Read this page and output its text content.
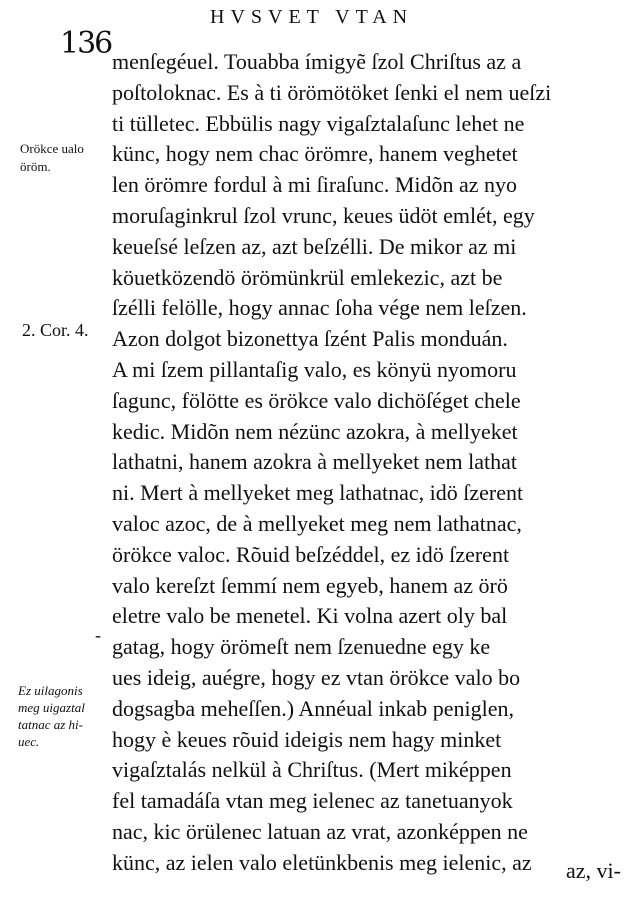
136
HVSVET VTAN
Orökce ualo
öröm.
2. Cor. 4.
-
Ez uilagonis
meg uigaztal
tatnac az hi-
uec.
menſegéuel. Touabba ímigyẽ ſzol Chriſtus az a
poſtoloknac. Es à ti örömötöket ſenki el nem ueſzi
ti tülletec. Ebbülis nagy vigaſztalaſunc lehet ne
künc, hogy nem chac örömre, hanem veghetet
len örömre fordul à mi ſiraſunc. Midõn az nyo
moruſaginkrul ſzol vrunc, keues üdöt emlét, egy
keueſsé leſzen az, azt beſzélli. De mikor az mi
köuetközendö örömünkrül emlekezic, azt be
ſzélli felölle, hogy annac ſoha vége nem leſzen.
Azon dolgot bizonettya ſzént Palis monduán.
A mi ſzem pillantaſig valo, es könyü nyomoru
ſagunc, fölötte es örökce valo dichöſéget chele
kedic. Midõn nem nézünc azokra, à mellyeket
lathatni, hanem azokra à mellyeket nem lathat
ni. Mert à mellyeket meg lathatnac, idö ſzerent
valoc azoc, de à mellyeket meg nem lathatnac,
örökce valoc. Rõuid beſzéddel, ez idö ſzerent
valo kereſzt ſemmí nem egyeb, hanem az örö
eletre valo be menetel. Ki volna azert oly bal
gatag, hogy örömeſt nem ſzenuedne egy ke
ues ideig, auégre, hogy ez vtan örökce valo bo
dogsagba meheſſen.) Annéual inkab peniglen,
hogy è keues rõuid ideigis nem hagy minket
vigaſztalás nelkül à Chriſtus. (Mert miképpen
fel tamadáſa vtan meg ielenec az tanetuanyok
nac, kic örülenec latuan az vrat, azonképpen ne
künc, az ielen valo eletünkbenis meg ielenic, az	az, vi-
